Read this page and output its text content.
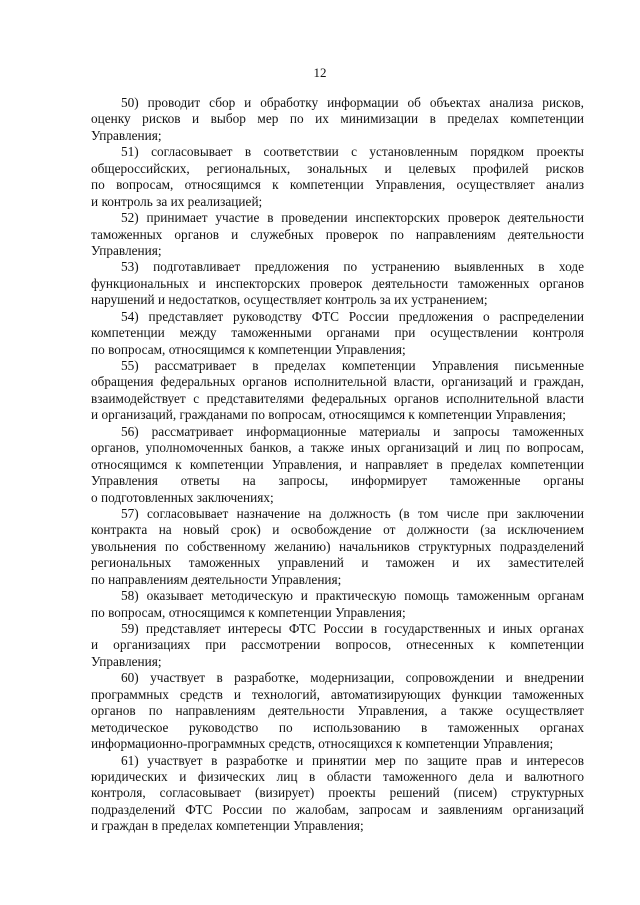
12
50) проводит сбор и обработку информации об объектах анализа рисков,
оценку рисков и выбор мер по их минимизации в пределах компетенции
Управления;
51) согласовывает в соответствии с установленным порядком проекты
общероссийских, региональных, зональных и целевых профилей рисков
по вопросам, относящимся к компетенции Управления, осуществляет анализ
и контроль за их реализацией;
52) принимает участие в проведении инспекторских проверок деятельности
таможенных органов и служебных проверок по направлениям деятельности
Управления;
53) подготавливает предложения по устранению выявленных в ходе
функциональных и инспекторских проверок деятельности таможенных органов
нарушений и недостатков, осуществляет контроль за их устранением;
54) представляет руководству ФТС России предложения о распределении
компетенции между таможенными органами при осуществлении контроля
по вопросам, относящимся к компетенции Управления;
55) рассматривает в пределах компетенции Управления письменные
обращения федеральных органов исполнительной власти, организаций и граждан,
взаимодействует с представителями федеральных органов исполнительной власти
и организаций, гражданами по вопросам, относящимся к компетенции Управления;
56) рассматривает информационные материалы и запросы таможенных
органов, уполномоченных банков, а также иных организаций и лиц по вопросам,
относящимся к компетенции Управления, и направляет в пределах компетенции
Управления ответы на запросы, информирует таможенные органы
о подготовленных заключениях;
57) согласовывает назначение на должность (в том числе при заключении
контракта на новый срок) и освобождение от должности (за исключением
увольнения по собственному желанию) начальников структурных подразделений
региональных таможенных управлений и таможен и их заместителей
по направлениям деятельности Управления;
58) оказывает методическую и практическую помощь таможенным органам
по вопросам, относящимся к компетенции Управления;
59) представляет интересы ФТС России в государственных и иных органах
и организациях при рассмотрении вопросов, отнесенных к компетенции
Управления;
60) участвует в разработке, модернизации, сопровождении и внедрении
программных средств и технологий, автоматизирующих функции таможенных
органов по направлениям деятельности Управления, а также осуществляет
методическое руководство по использованию в таможенных органах
информационно-программных средств, относящихся к компетенции Управления;
61) участвует в разработке и принятии мер по защите прав и интересов
юридических и физических лиц в области таможенного дела и валютного
контроля, согласовывает (визирует) проекты решений (писем) структурных
подразделений ФТС России по жалобам, запросам и заявлениям организаций
и граждан в пределах компетенции Управления;
